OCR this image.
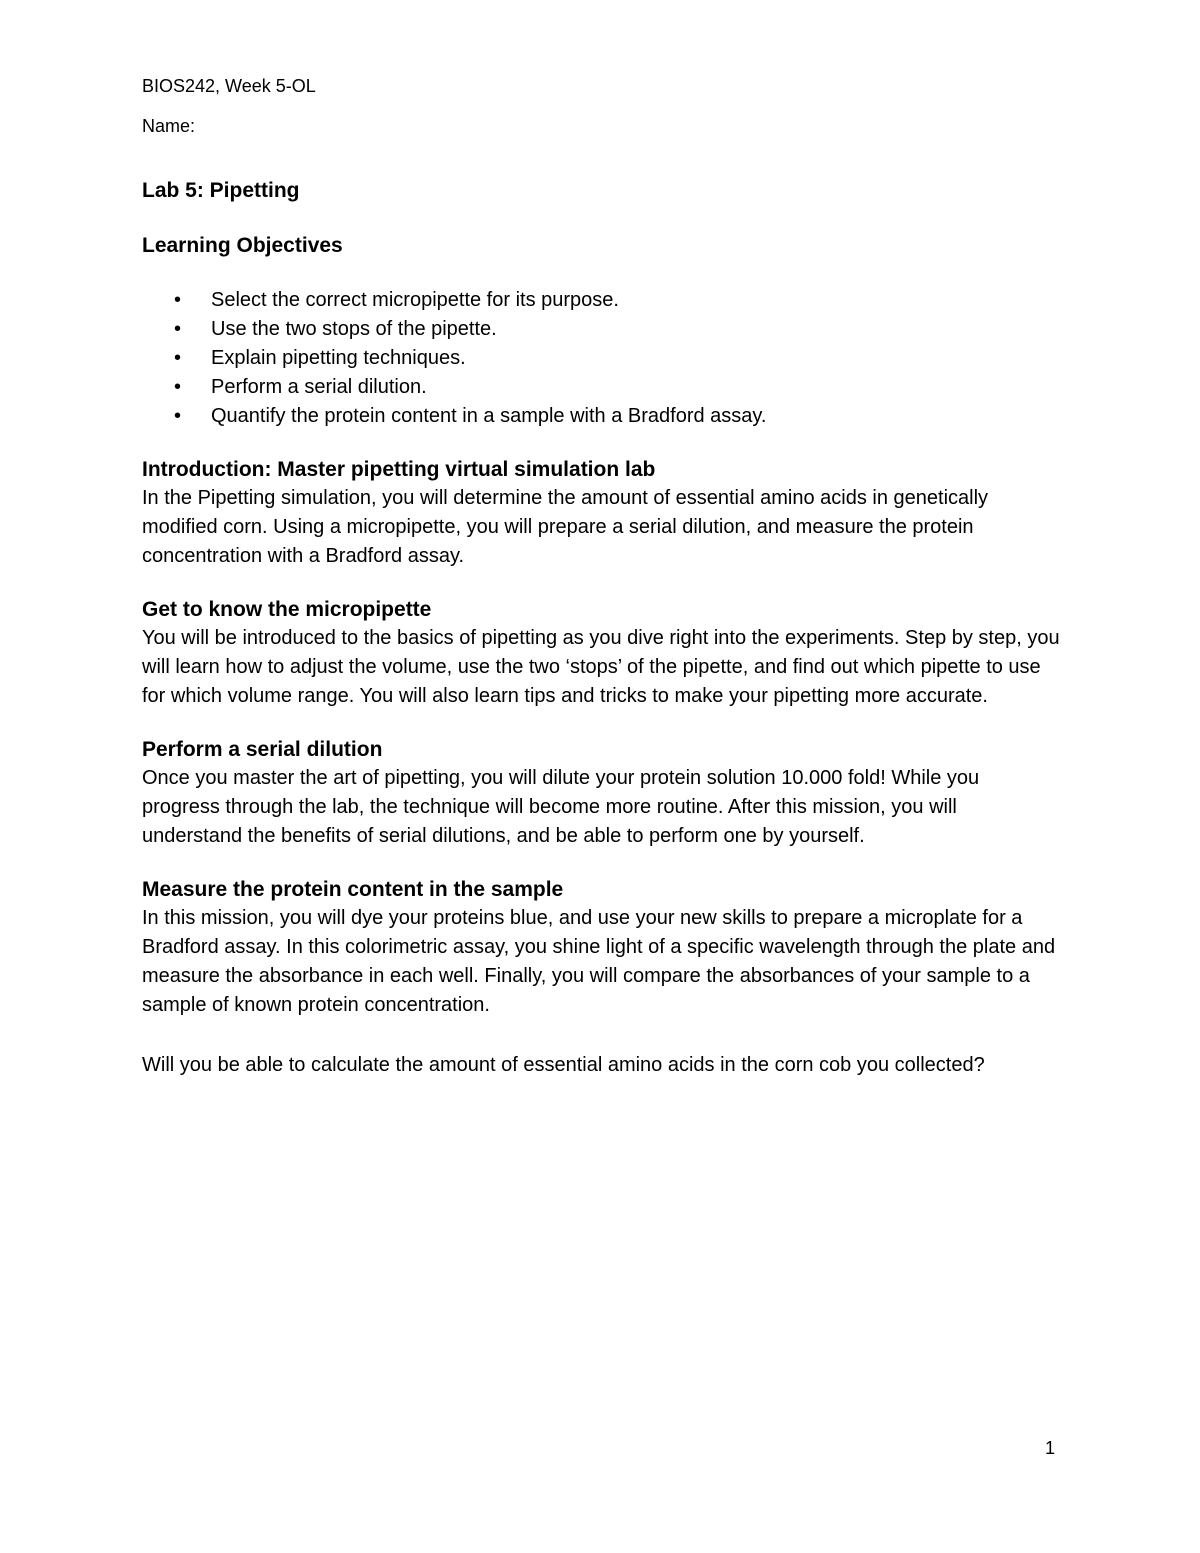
BIOS242, Week 5-OL

Name:

Lab 5: Pipetting
Learning Objectives
• Select the correct micropipette for its purpose.
• Use the two stops of the pipette.
• Explain pipetting techniques.
• Perform a serial dilution.
• Quantify the protein content in a sample with a Bradford assay.
Introduction: Master pipetting virtual simulation lab

In the Pipetting simulation, you will determine the amount of essential amino acids in genetically modified corn. Using a micropipette, you will prepare a serial dilution, and measure the protein concentration with a Bradford assay.

Get to know the micropipette

You will be introduced to the basics of pipetting as you dive right into the experiments. Step by step, you will learn how to adjust the volume, use the two ‘stops’ of the pipette, and find out which pipette to use for which volume range. You will also learn tips and tricks to make your pipetting more accurate.

Perform a serial dilution

Once you master the art of pipetting, you will dilute your protein solution 10.000 fold! While you progress through the lab, the technique will become more routine. After this mission, you will understand the benefits of serial dilutions, and be able to perform one by yourself.

Measure the protein content in the sample

In this mission, you will dye your proteins blue, and use your new skills to prepare a microplate for a Bradford assay. In this colorimetric assay, you shine light of a specific wavelength through the plate and measure the absorbance in each well. Finally, you will compare the absorbances of your sample to a sample of known protein concentration.

Will you be able to calculate the amount of essential amino acids in the corn cob you collected?

1
